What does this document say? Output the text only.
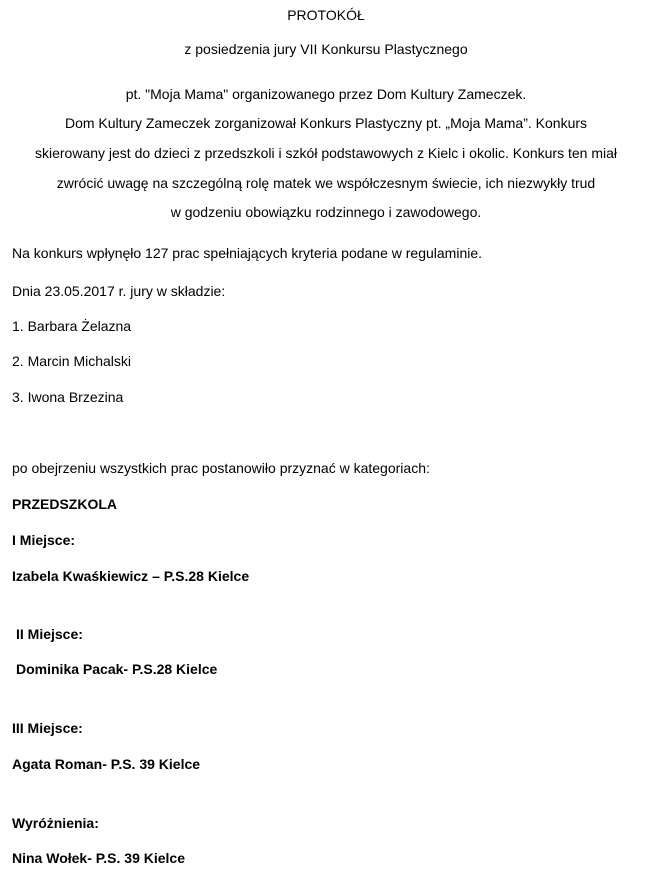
PROTOKÓŁ
z posiedzenia jury VII Konkursu Plastycznego
pt. "Moja Mama" organizowanego przez Dom Kultury Zameczek.
Dom Kultury Zameczek zorganizował Konkurs Plastyczny pt. „Moja Mama”. Konkurs
skierowany jest do dzieci z przedszkoli i szkół podstawowych z Kielc i okolic. Konkurs ten miał
zwrócić uwagę na szczególną rolę matek we współczesnym świecie, ich niezwykły trud
w godzeniu obowiązku rodzinnego i zawodowego.
Na konkurs wpłynęło 127 prac spełniających kryteria podane w regulaminie.
Dnia 23.05.2017 r. jury w składzie:
1. Barbara Żelazna
2. Marcin Michalski
3. Iwona Brzezina
po obejrzeniu wszystkich prac postanowiło przyznać w kategoriach:
PRZEDSZKOLA
I Miejsce:
Izabela Kwaśkiewicz – P.S.28 Kielce
II Miejsce:
Dominika Pacak- P.S.28 Kielce
III Miejsce:
Agata Roman- P.S. 39 Kielce
Wyróżnienia:
Nina Wołek- P.S. 39 Kielce
